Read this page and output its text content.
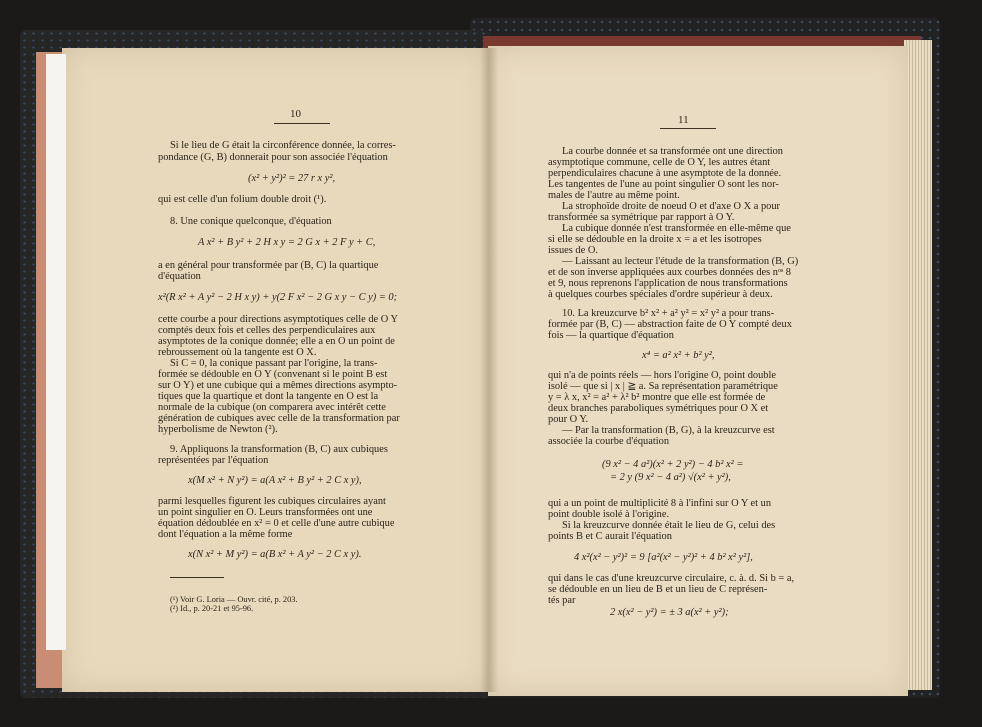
10
Si le lieu de G était la circonférence donnée, la corres-
pondance (G, B) donnerait pour son associée l'équation
(x² + y²)² = 27 r x y²,
qui est celle d'un folium double droit (¹).
8. Une conique quelconque, d'équation
A x² + B y² + 2 H x y = 2 G x + 2 F y + C,
a en général pour transformée par (B, C) la quartique
d'équation
x²(R x² + A y² − 2 H x y) + y(2 F x² − 2 G x y − C y) = 0;
cette courbe a pour directions asymptotiques celle de O Y
comptés deux fois et celles des perpendiculaires aux
asymptotes de la conique donnée; elle a en O un point de
rebroussement où la tangente est O X.
Si C = 0, la conique passant par l'origine, la trans-
formée se dédouble en O Y (convenant si le point B est
sur O Y) et une cubique qui a mêmes directions asympto-
tiques que la quartique et dont la tangente en O est la
normale de la cubique (on comparera avec intérêt cette
génération de cubiques avec celle de la transformation par
hyperbolisme de Newton (²).
9. Appliquons la transformation (B, C) aux cubiques
représentées par l'équation
x(M x² + N y²) = a(A x² + B y² + 2 C x y),
parmi lesquelles figurent les cubiques circulaires ayant
un point singulier en O. Leurs transformées ont une
équation dédoublée en x² = 0 et celle d'une autre cubique
dont l'équation a la même forme
x(N x² + M y²) = a(B x² + A y² − 2 C x y).
(¹) Voir G. Loria — Ouvr. cité, p. 203.
(²) Id., p. 20-21 et 95-96.
11
La courbe donnée et sa transformée ont une direction
asymptotique commune, celle de O Y, les autres étant
perpendiculaires chacune à une asymptote de la donnée.
Les tangentes de l'une au point singulier O sont les nor-
males de l'autre au même point.
La strophoïde droite de noeud O et d'axe O X a pour
transformée sa symétrique par rapport à O Y.
La cubique donnée n'est transformée en elle-même que
si elle se dédouble en la droite x = a et les isotropes
issues de O.
— Laissant au lecteur l'étude de la transformation (B, G)
et de son inverse appliquées aux courbes données des nᵒˢ 8
et 9, nous reprenons l'application de nous transformations
à quelques courbes spéciales d'ordre supérieur à deux.
10. La kreuzcurve b² x² + a² y² = x² y² a pour trans-
formée par (B, C) — abstraction faite de O Y compté deux
fois — la quartique d'équation
x⁴ = a² x² + b² y²,
qui n'a de points réels — hors l'origine O, point double
isolé — que si | x | ≧ a. Sa représentation paramétrique
y = λ x, x² = a² + λ² b² montre que elle est formée de
deux branches paraboliques symétriques pour O X et
pour O Y.
— Par la transformation (B, G), à la kreuzcurve est
associée la courbe d'équation
(9 x² − 4 a²)(x² + 2 y²) − 4 b² x² =
= 2 y (9 x² − 4 a²) √(x² + y²),
qui a un point de multiplicité 8 à l'infini sur O Y et un
point double isolé à l'origine.
Si la kreuzcurve donnée était le lieu de G, celui des
points B et C aurait l'équation
4 x²(x² − y²)² = 9 [a²(x² − y²)² + 4 b² x² y²],
qui dans le cas d'une kreuzcurve circulaire, c. à. d. Si b = a,
se dédouble en un lieu de B et un lieu de C représen-
tés par
2 x(x² − y²) = ± 3 a(x² + y²);
